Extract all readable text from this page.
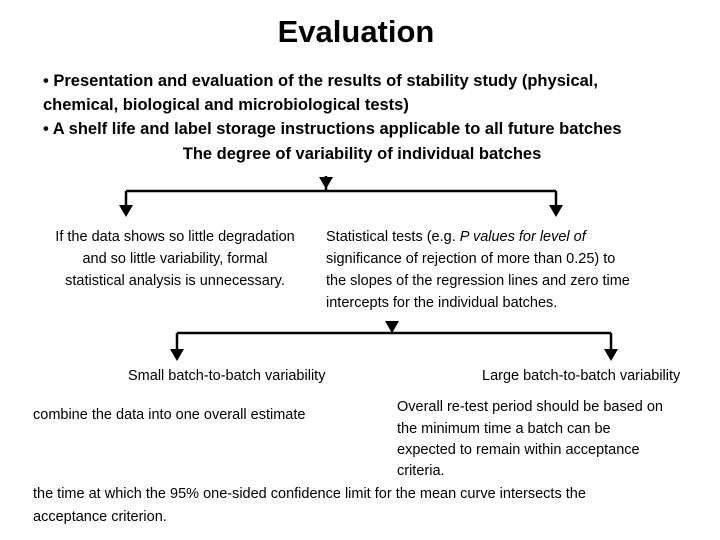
Evaluation
• Presentation and evaluation of the results of stability study (physical,
chemical, biological and microbiological tests)
• A shelf life and label storage instructions applicable to all future batches
The degree of variability of individual batches
If the data shows so little degradation
and so little variability, formal
statistical analysis is unnecessary.
Statistical tests (e.g. P values for level of
significance of rejection of more than 0.25) to
the slopes of the regression lines and zero time
intercepts for the individual batches.
Small batch-to-batch variability	Large batch-to-batch variability
combine the data into one overall estimate	Overall re-test period should be based on
the minimum time a batch can be
expected to remain within acceptance
criteria.
the time at which the 95% one-sided confidence limit for the mean curve intersects the
acceptance criterion.
